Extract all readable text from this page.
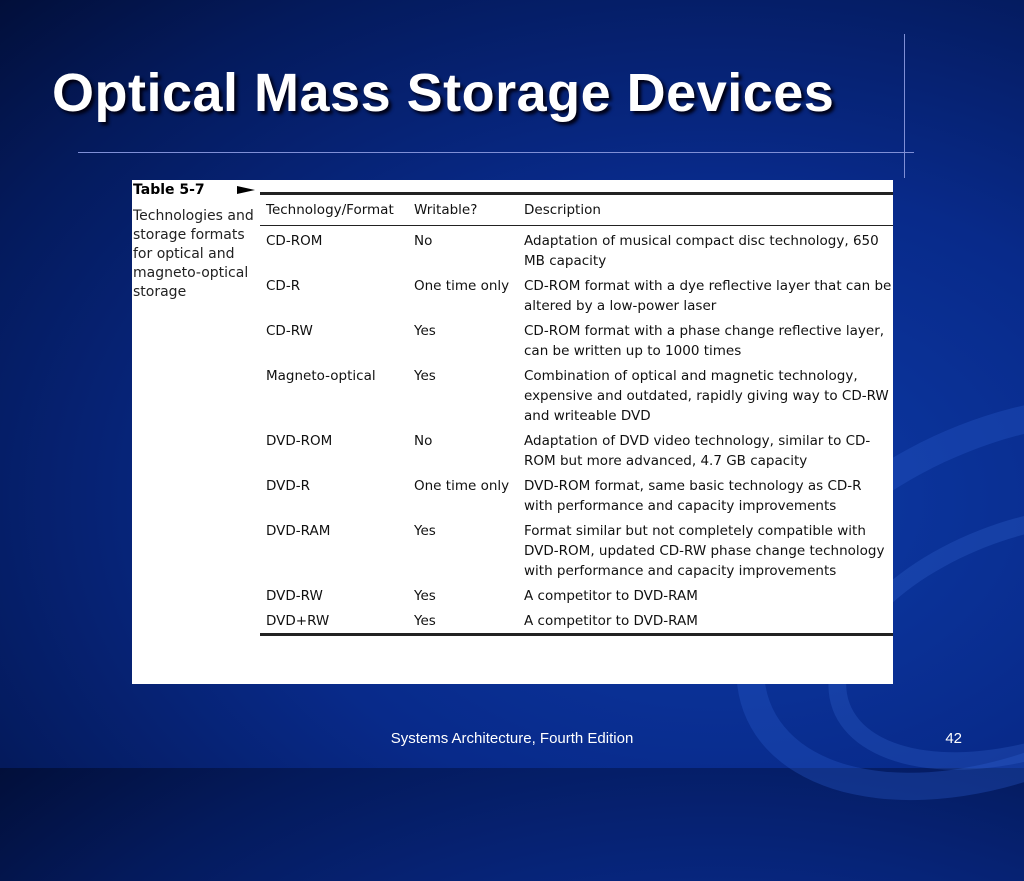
Optical Mass Storage Devices
Table 5-7
Technologies and storage formats for optical and magneto-optical storage
Technology/Format	Writable?	Description
CD-ROM	No	Adaptation of musical compact disc technology, 650 MB capacity
CD-R	One time only	CD-ROM format with a dye reflective layer that can be altered by a low-power laser
CD-RW	Yes	CD-ROM format with a phase change reflective layer, can be written up to 1000 times
Magneto-optical	Yes	Combination of optical and magnetic technology, expensive and outdated, rapidly giving way to CD-RW and writeable DVD
DVD-ROM	No	Adaptation of DVD video technology, similar to CD-ROM but more advanced, 4.7 GB capacity
DVD-R	One time only	DVD-ROM format, same basic technology as CD-R with performance and capacity improvements
DVD-RAM	Yes	Format similar but not completely compatible with DVD-ROM, updated CD-RW phase change technology with performance and capacity improvements
DVD-RW	Yes	A competitor to DVD-RAM
DVD+RW	Yes	A competitor to DVD-RAM
Systems Architecture, Fourth Edition	42
